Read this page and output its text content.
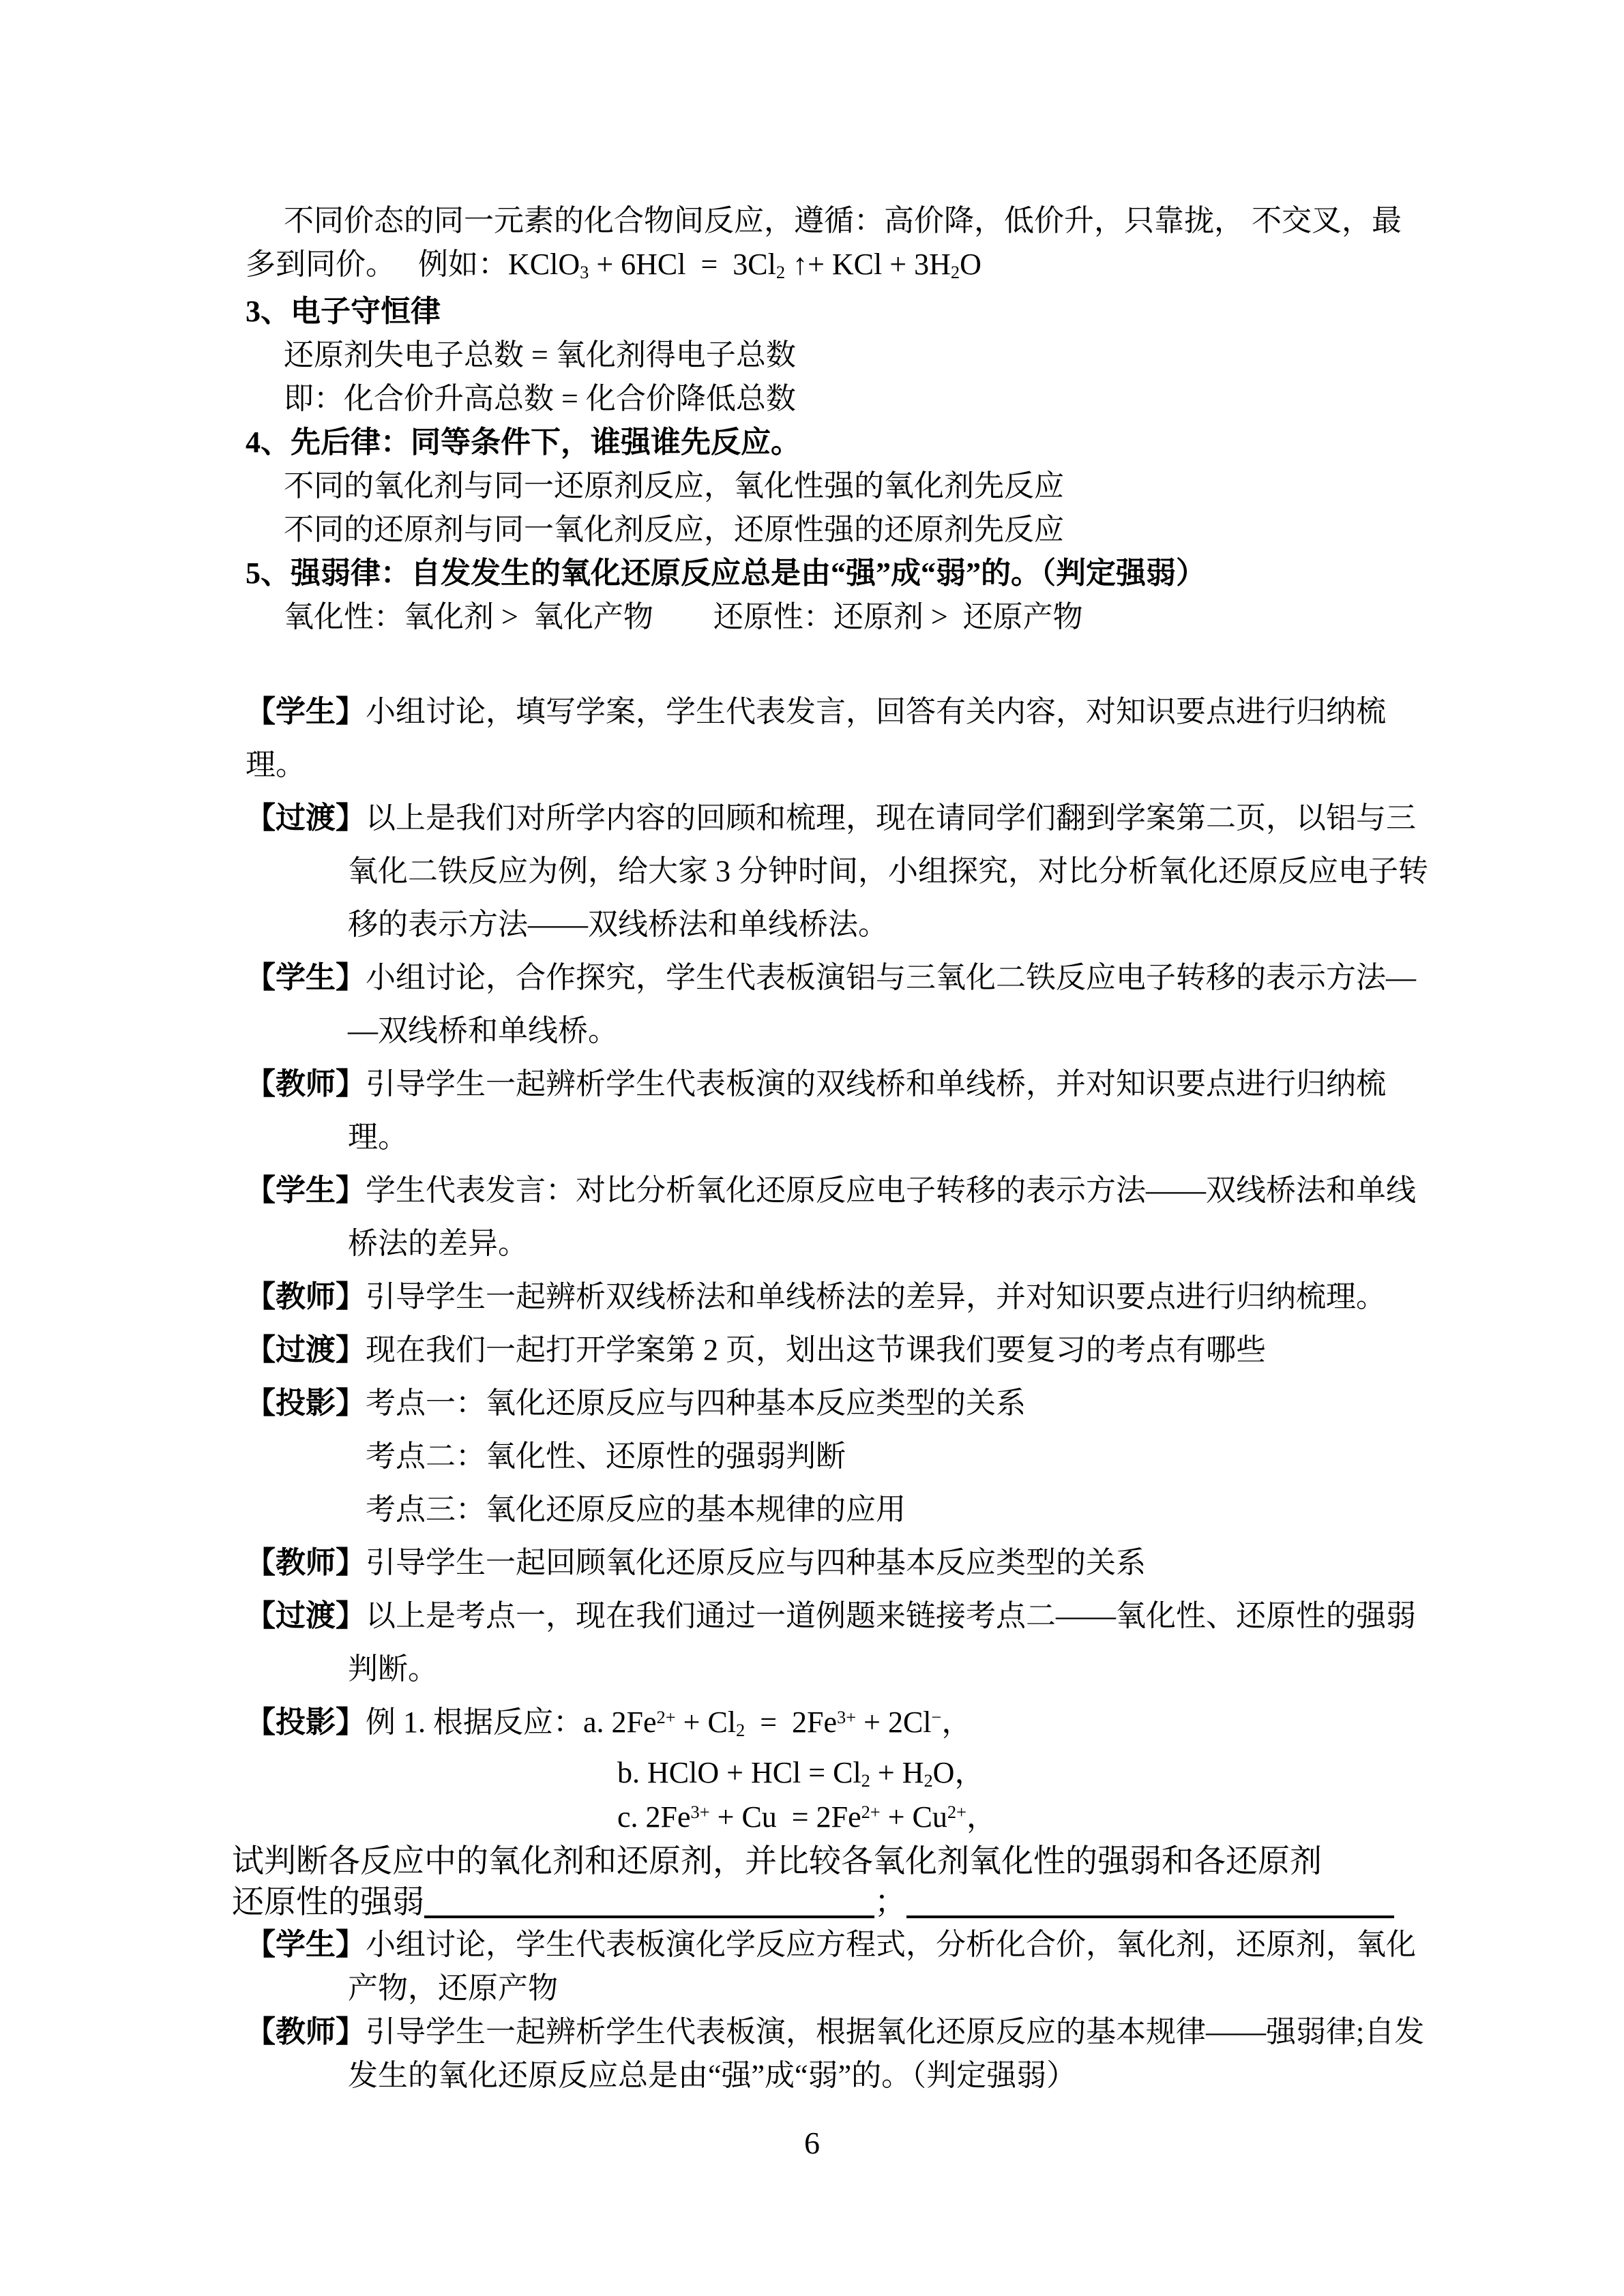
不同价态的同一元素的化合物间反应，遵循：高价降，低价升，只靠拢， 不交叉，最

多到同价。　 例如：KClO3 + 6HCl  =  3Cl2 ↑+ KCl + 3H2O

3、电子守恒律

还原剂失电子总数 = 氧化剂得电子总数

即：化合价升高总数 = 化合价降低总数

4、先后律：同等条件下，谁强谁先反应。

不同的氧化剂与同一还原剂反应，氧化性强的氧化剂先反应

不同的还原剂与同一氧化剂反应，还原性强的还原剂先反应

5、强弱律：自发发生的氧化还原反应总是由“强”成“弱”的。（判定强弱）

氧化性：氧化剂 >  氧化产物　　还原性：还原剂 >  还原产物

【学生】小组讨论，填写学案，学生代表发言，回答有关内容，对知识要点进行归纳梳

理。

【过渡】以上是我们对所学内容的回顾和梳理，现在请同学们翻到学案第二页，以铝与三

氧化二铁反应为例，给大家 3 分钟时间，小组探究，对比分析氧化还原反应电子转

移的表示方法——双线桥法和单线桥法。

【学生】小组讨论，合作探究，学生代表板演铝与三氧化二铁反应电子转移的表示方法—

—双线桥和单线桥。

【教师】引导学生一起辨析学生代表板演的双线桥和单线桥，并对知识要点进行归纳梳

理。

【学生】学生代表发言：对比分析氧化还原反应电子转移的表示方法——双线桥法和单线

桥法的差异。

【教师】引导学生一起辨析双线桥法和单线桥法的差异，并对知识要点进行归纳梳理。

【过渡】现在我们一起打开学案第 2 页，划出这节课我们要复习的考点有哪些

【投影】考点一：氧化还原反应与四种基本反应类型的关系

考点二：氧化性、还原性的强弱判断

考点三：氧化还原反应的基本规律的应用

【教师】引导学生一起回顾氧化还原反应与四种基本反应类型的关系

【过渡】以上是考点一，现在我们通过一道例题来链接考点二——氧化性、还原性的强弱

判断。

【投影】例 1. 根据反应：a. $2Fe^{2+} + Cl2 = 2Fe^{3+} + 2Cl^-$，

b. HClO + HCl = Cl2 + H2O，

c. $2Fe^{3+} + Cu = 2Fe^{2+} + Cu^{2+}$，

试判断各反应中的氧化剂和还原剂，并比较各氧化剂氧化性的强弱和各还原剂

还原性的强弱	；

【学生】小组讨论，学生代表板演化学反应方程式，分析化合价，氧化剂，还原剂，氧化

产物，还原产物

【教师】引导学生一起辨析学生代表板演，根据氧化还原反应的基本规律——强弱律;自发

发生的氧化还原反应总是由“强”成“弱”的。（判定强弱）

6
